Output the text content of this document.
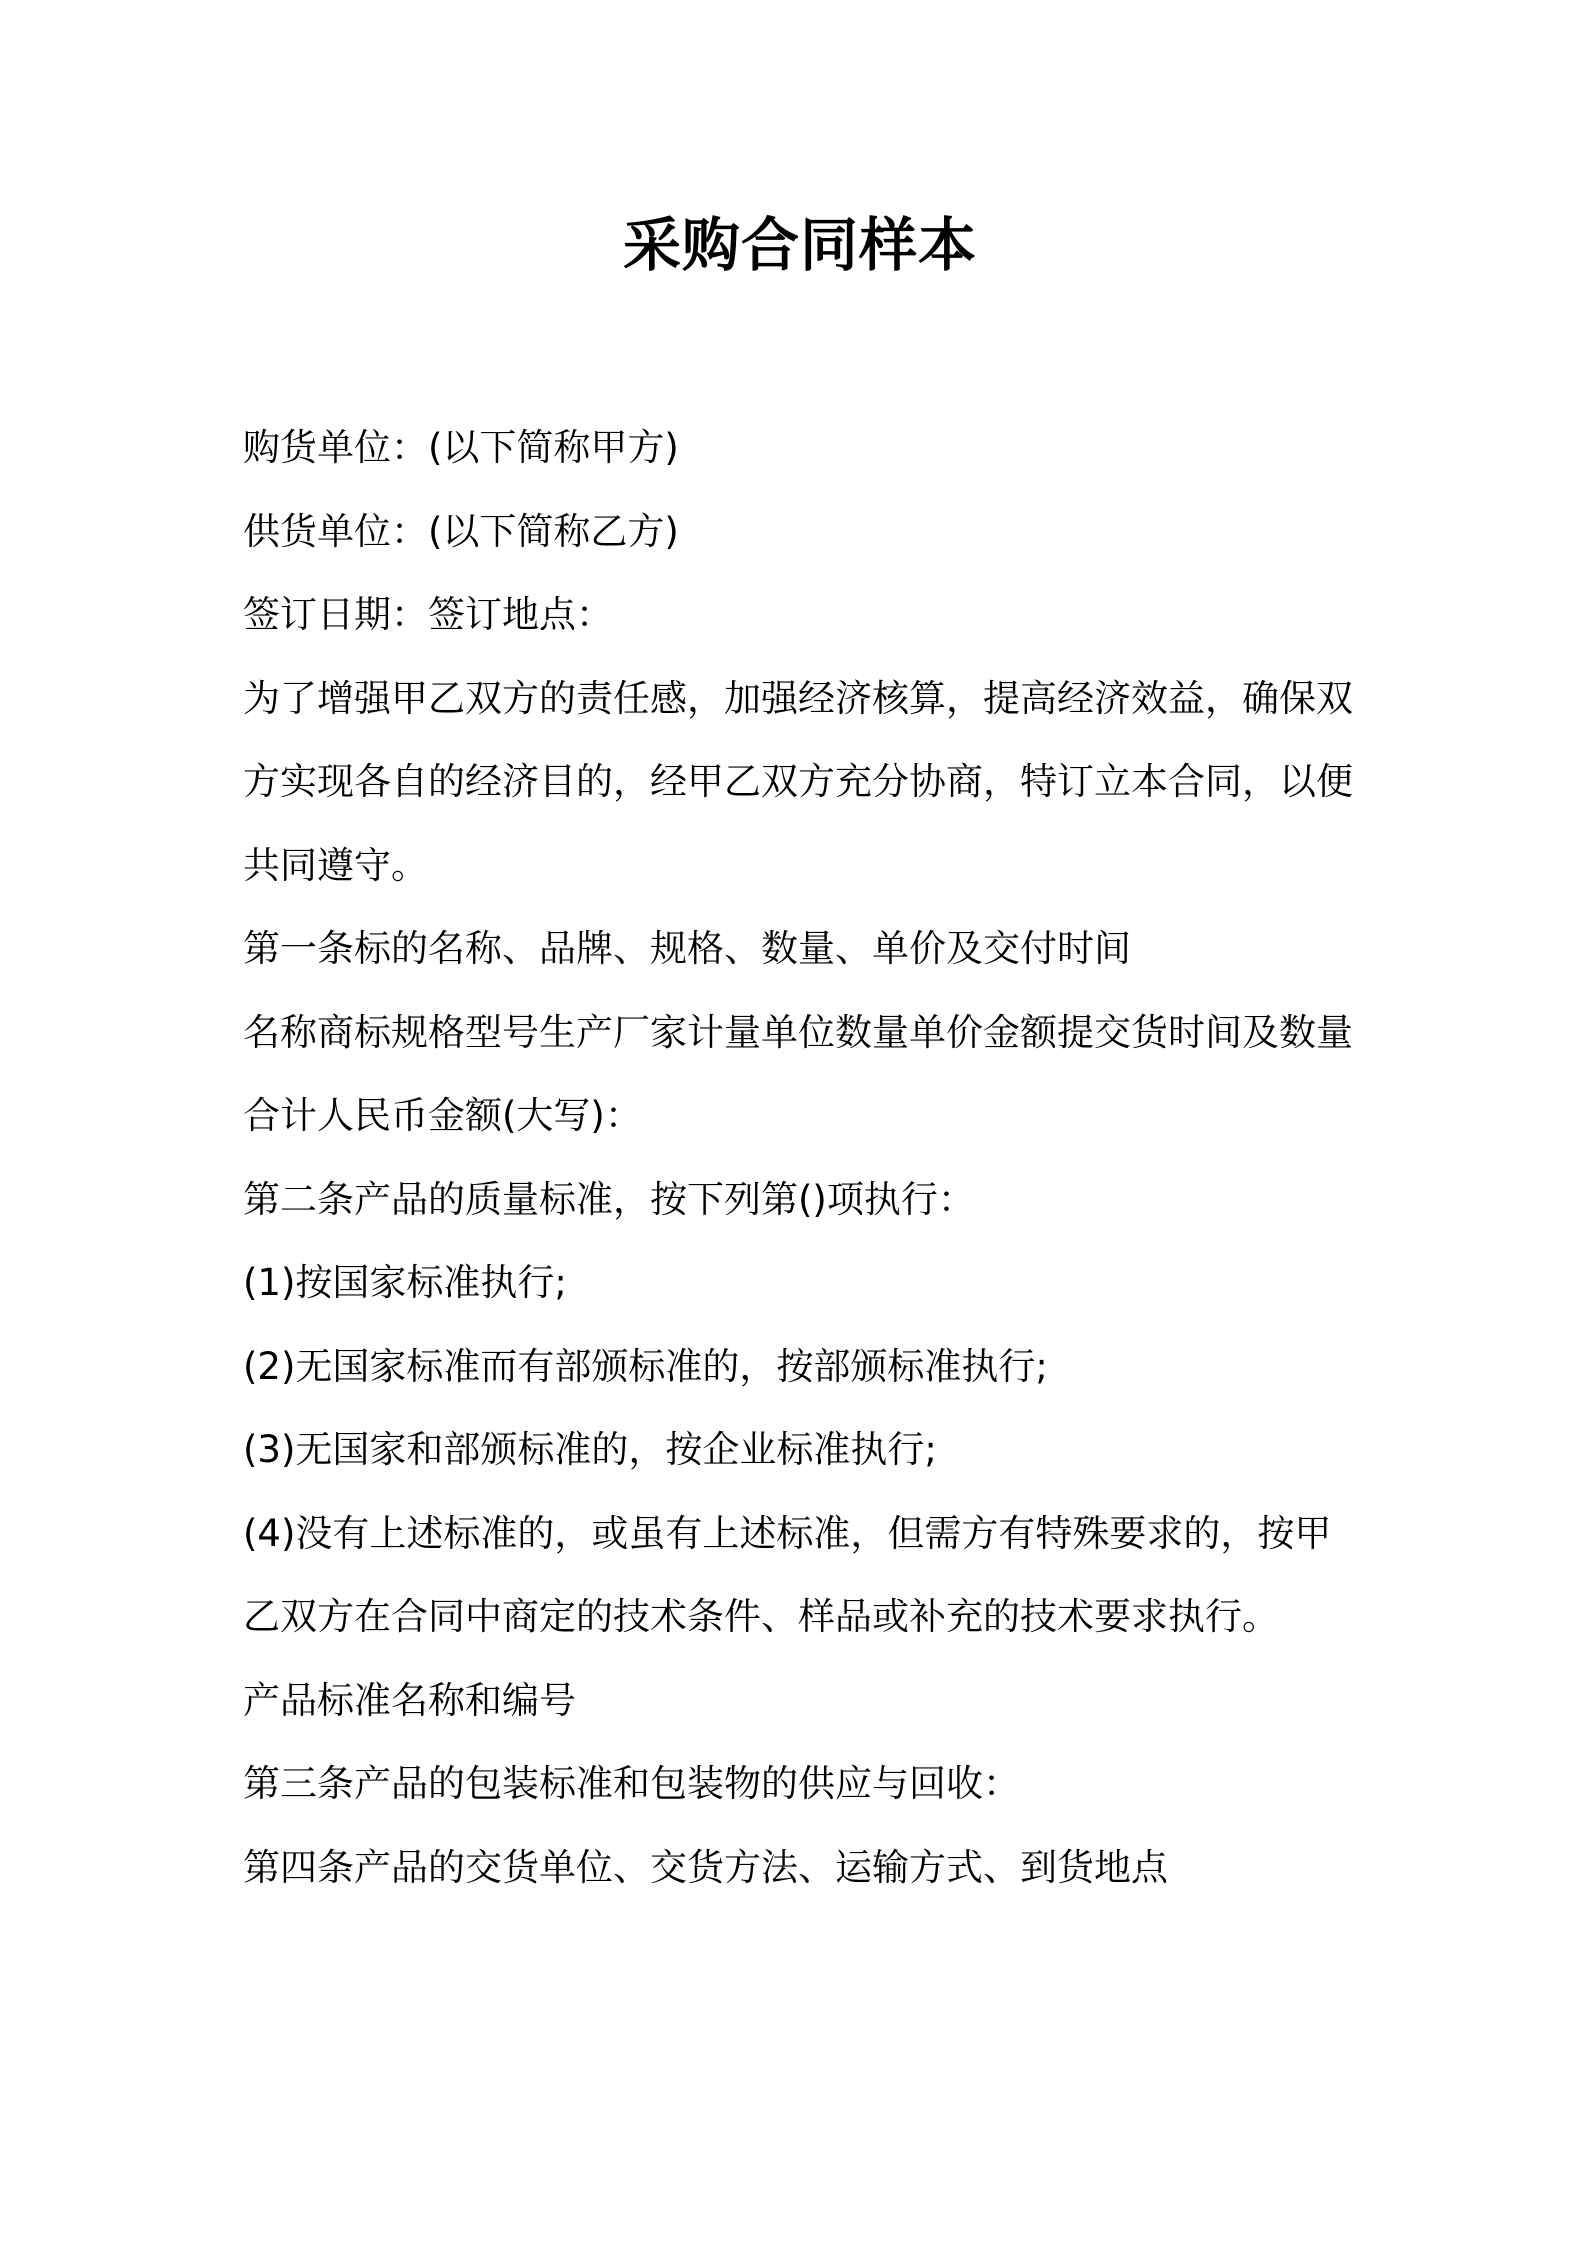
采购合同样本

购货单位：(以下简称甲方)

供货单位：(以下简称乙方)

签订日期：签订地点：

为了增强甲乙双方的责任感，加强经济核算，提高经济效益，确保双方实现各自的经济目的，经甲乙双方充分协商，特订立本合同，以便共同遵守。

第一条标的名称、品牌、规格、数量、单价及交付时间

名称商标规格型号生产厂家计量单位数量单价金额提交货时间及数量

合计人民币金额(大写)：

第二条产品的质量标准，按下列第()项执行：

(1)按国家标准执行;

(2)无国家标准而有部颁标准的，按部颁标准执行;

(3)无国家和部颁标准的，按企业标准执行;

(4)没有上述标准的，或虽有上述标准，但需方有特殊要求的，按甲乙双方在合同中商定的技术条件、样品或补充的技术要求执行。

产品标准名称和编号

第三条产品的包装标准和包装物的供应与回收：

第四条产品的交货单位、交货方法、运输方式、到货地点
